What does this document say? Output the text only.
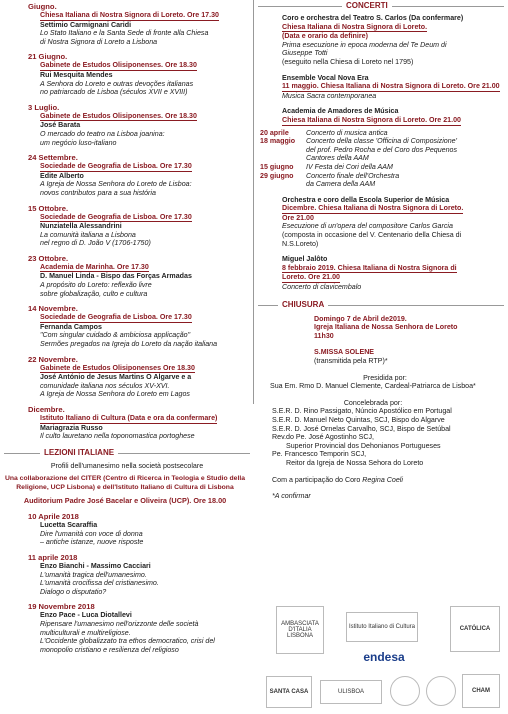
Giugno.
Chiesa Italiana di Nostra Signora di Loreto. Ore 17.30
Settimio Carmignani Caridi
Lo Stato Italiano e la Santa Sede di fronte alla Chiesa
di Nostra Signora di Loreto a Lisbona
21 Giugno.
Gabinete de Estudos Olisiponenses. Ore 18.30
Rui Mesquita Mendes
A Senhora do Loreto e outras devoções italianas
no patriarcado de Lisboa (séculos XVII e XVIII)
3 Luglio.
Gabinete de Estudos Olisiponenses. Ore 18.30
José Barata
O mercado do teatro na Lisboa joanina:
um negócio luso-italiano
24 Settembre.
Sociedade de Geografia de Lisboa. Ore 17.30
Edite Alberto
A Igreja de Nossa Senhora do Loreto de Lisboa:
novos contributos para a sua história
15 Ottobre.
Sociedade de Geografia de Lisboa. Ore 17.30
Nunziatella Alessandrini
La comunità italiana a Lisbona
nel regno di D. João V (1706-1750)
23 Ottobre.
Academia de Marinha. Ore 17.30
D. Manuel Linda - Bispo das Forças Armadas
A propósito do Loreto: reflexão livre
sobre globalização, culto e cultura
14 Novembre.
Sociedade de Geografia de Lisboa. Ore 17.30
Fernanda Campos
"Com singular cuidado & ambiciosa applicação"
Sermões pregados na Igreja do Loreto da nação italiana
22 Novembre.
Gabinete de Estudos Olisiponenses Ore 18.30
José António de Jesus Martins O Algarve e a
comunidade italiana nos séculos XV-XVI.
A Igreja de Nossa Senhora do Loreto em Lagos
Dicembre.
Istituto Italiano di Cultura (Data e ora da confermare)
Mariagrazia Russo
Il culto lauretano nella toponomastica portoghese
LEZIONI ITALIANE
Profili dell'umanesimo nella società postsecolare
Una collaborazione del CITER (Centro di Ricerca in Teologia e Studio della Religione, UCP Lisbona) e dell'Istituto Italiano di Cultura di Lisbona
Auditorium Padre José Bacelar e Oliveira (UCP). Ore 18.00
10 Aprile 2018
Lucetta Scaraffia
Dire l'umanità con voce di donna
– antiche istanze, nuove risposte
11 aprile 2018
Enzo Bianchi - Massimo Cacciari
L'umanità tragica dell'umanesimo.
L'umanità crocifissa del cristianesimo.
Dialogo o disputatio?
19 Novembre 2018
Enzo Pace - Luca Diotallevi
Ripensare l'umanesimo nell'orizzonte delle società
multiculturali e multireligiose.
L'Occidente globalizzato tra ethos democratico, crisi del
monopolio cristiano e resilienza del religioso
CONCERTI
Coro e orchestra del Teatro S. Carlos (Da confermare)
Chiesa Italiana di Nostra Signora di Loreto.
(Data e orario da definire)
Prima esecuzione in epoca moderna del Te Deum di
Giuseppe Totti
(eseguito nella Chiesa di Loreto nel 1795)
Ensemble Vocal Nova Era
11 maggio. Chiesa Italiana di Nostra Signora di Loreto. Ore 21.00
Musica Sacra contemporanea
Academia de Amadores de Música
Chiesa Italiana di Nostra Signora di Loreto. Ore 21.00
20 aprile	Concerto di musica antica
18 maggio	Concerto della classe 'Officina di Composizione'
del prof. Pedro Rocha e del Coro dos Pequenos
Cantores della AAM
15 giugno	IV Festa dei Cori della AAM
29 giugno	Concerto finale dell'Orchestra
da Camera della AAM
Orchestra e coro della Escola Superior de Música
Dicembre. Chiesa Italiana di Nostra Signora di Loreto.
Ore 21.00
Esecuzione di un'opera del compositore Carlos Garcia
(composta in occasione del V. Centenario della Chiesa di
N.S.Loreto)
Miguel Jalôto
8 febbraio 2019. Chiesa Italiana di Nostra Signora di
Loreto. Ore 21.00
Concerto di clavicembalo
CHIUSURA
Domingo 7 de Abril de2019.
Igreja Italiana de Nossa Senhora de Loreto
11h30
S.MISSA SOLENE
(transmitida pela RTP)*
Presidida por:
Sua Em. Rmo D. Manuel Clemente, Cardeal-Patriarca de Lisboa*
Concelebrada por:
S.E.R. D. Rino Passigato, Núncio Apostólico em Portugal
S.E.R. D. Manuel Neto Quintas, SCJ, Bispo do Algarve
S.E.R. D. José Ornelas Carvalho, SCJ, Bispo de Setúbal
Rev.do Pe. José Agostinho SCJ,
Superior Provincial dos Dehonianos Portugueses
Pe. Francesco Temporin SCJ,
Reitor da Igreja de Nossa Sehora do Loreto
Com a participação do Coro Regina Coeli
*A confirmar
AMBASCIATA D'ITALIA LISBONA
Istituto Italiano di Cultura	CATÓLICA
endesa
SANTA CASA	ULISBOA	CHAM
